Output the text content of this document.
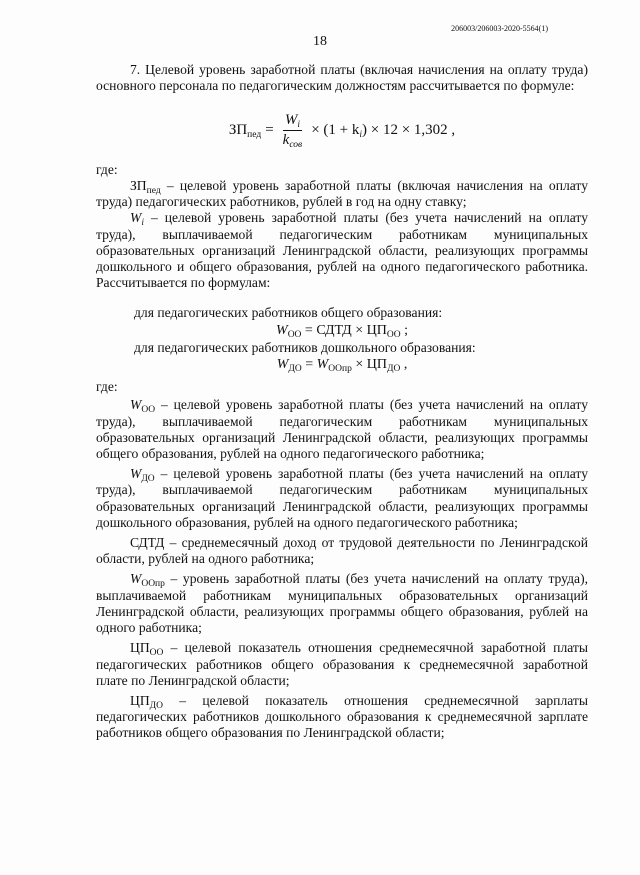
206003/206003-2020-5564(1)
18

7. Целевой уровень заработной платы (включая начисления на оплату труда) основного персонала по педагогическим должностям рассчитывается по формуле:

$ЗП_{пед} = \frac{W_i}{k_{сов}} \times (1 + k_i) \times 12 \times 1,302$ ,

где:

$ЗП_{пед}$ – целевой уровень заработной платы (включая начисления на оплату труда) педагогических работников, рублей в год на одну ставку;

$W_i$ – целевой уровень заработной платы (без учета начислений на оплату труда), выплачиваемой педагогическим работникам муниципальных образовательных организаций Ленинградской области, реализующих программы дошкольного и общего образования, рублей на одного педагогического работника. Рассчитывается по формулам:

для педагогических работников общего образования:

$W_{ОО}$ = СДТД × $ЦП_{ОО}$ ;

для педагогических работников дошкольного образования:

$W_{ДО} = W_{ООпр} \times ЦП_{ДО}$ ,

где:

$W_{ОО}$ – целевой уровень заработной платы (без учета начислений на оплату труда), выплачиваемой педагогическим работникам муниципальных образовательных организаций Ленинградской области, реализующих программы общего образования, рублей на одного педагогического работника;

$W_{ДО}$ – целевой уровень заработной платы (без учета начислений на оплату труда), выплачиваемой педагогическим работникам муниципальных образовательных организаций Ленинградской области, реализующих программы дошкольного образования, рублей на одного педагогического работника;

СДТД – среднемесячный доход от трудовой деятельности по Ленинградской области, рублей на одного работника;

$W_{ООпр}$ – уровень заработной платы (без учета начислений на оплату труда), выплачиваемой работникам муниципальных образовательных организаций Ленинградской области, реализующих программы общего образования, рублей на одного работника;

$ЦП_{ОО}$ – целевой показатель отношения среднемесячной заработной платы педагогических работников общего образования к среднемесячной заработной плате по Ленинградской области;

$ЦП_{ДО}$ – целевой показатель отношения среднемесячной зарплаты педагогических работников дошкольного образования к среднемесячной зарплате работников общего образования по Ленинградской области;
